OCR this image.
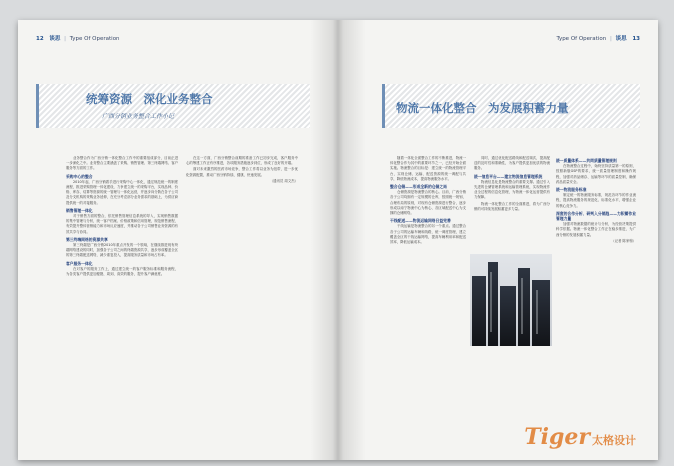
12 谈思 | Type Of Operation
统筹资源　深化业务整合
广西分销业务整合工作小记

业务整合作为广西分销一体化整合工作中的重要组成部分，目前正进一步深化之中。业务整合主要涵盖了采购、销售管理、第三终端网络、客户服务等方面的工作。

采购中心的整合

2010年起，广西分销着手进行采购中心一体化，通过规范统一的制度流程，推进采购管理一体化建设，力争建立统一的采购平台，实现品种、价格、库存、结算等资源的统一管理与一体化运营，并逐步向分散在各子公司及分支机构的采购业务延伸，在充分考虑部分业务需求的基础上，为供应商提供统一的对接服务。

销售管理一体化

对于销售方面的整合，依托销售管理信息系统的导入，实现销售数据的集中管理与分析，统一客户档案、价格政策和信用管理，规范销售流程，有效提升整体营销能力和市场反应速度，并推动各子公司销售业务资源的有效共享与协同。

第三终端网络的资源共享

第三终端是广西分销2010年重点开发的一个领域，在继续推进现有终端网络建设的同时，加强各子公司之间的终端资源共享，逐步形成覆盖全区的第三终端配送网络，减少重复投入，提高服务质量和市场占有率。

客户服务一体化

在对客户的服务工作上，通过建立统一的客户服务标准和服务流程，为各类客户提供更加便捷、周到、高效的服务，提升客户满意度。

在这一方面，广西分销整合前期的准备工作已初步完成，客户服务中心的筹建工作正有序推进，各项服务措施逐步到位，形成了良好的开端。

面对未来激烈的医药市场竞争，整合工作将以业务为纽带，进一步优化资源配置，推动广西分销持续、健康、快速发展。

（通讯员 周文杰）

Type Of Operation | 谈思 13
物流一体化整合　为发展积蓄力量

随着一体化全面整合工作的不断推进，物流一体化整合作为其中的重要环节之一，已经开始全面实施。物流整合的目标是：建立统一的物流管理平台，实现仓储、运输、配送资源的统一调配与共享，降低物流成本，提高物流服务水平。

整合仓储——形成全新的仓储之局

仓储资源是物流整合的核心。目前，广西分销各子公司均拥有一定规模的仓库，按照统一规划、合理布局的原则，对现有仓储资源进行整合，逐步形成以南宁物流中心为核心、各区域配送中心为支撑的仓储网络。

干线配送——物流运输网络日益完善

干线运输是物流整合的另一个重点。通过整合各子公司的运输车辆和线路，统一调度管理，建立覆盖全区的干线运输网络，提高车辆利用率和配送效率，降低运输成本。

同时，通过优化配送路线和配送频次，提高配送的及时性和准确性，为客户提供更加优质的物流服务。

统一信息平台——建立物流信息管理系统

物流信息化是物流整合的重要支撑。通过引入先进的仓储管理系统和运输管理系统，实现物流作业全过程的信息化管理，为物流一体化运营提供有力保障。

物流一体化整合工作的全面推进，将为广西分销的可持续发展积蓄更多力量。

统一质量体系——共同质量管理规则

在物流整合过程中，始终坚持质量第一的原则，按照新版GSP的要求，统一质量管理制度和操作规程，加强对药品储存、运输等环节的质量控制，确保药品质量安全。

统一物流服务标准

制定统一的物流服务标准，规范各环节的作业流程，提高物流服务的规范化、标准化水平，增强企业的核心竞争力。

深度的合作分析、研判入分销趋——力积蓄作业管理力量

加强对物流数据的统计与分析，为经营决策提供科学依据。物流一体化整合工作正在稳步推进，为广西分销的发展积蓄力量。

（记者 陈家驹）

Tiger 太格设计
